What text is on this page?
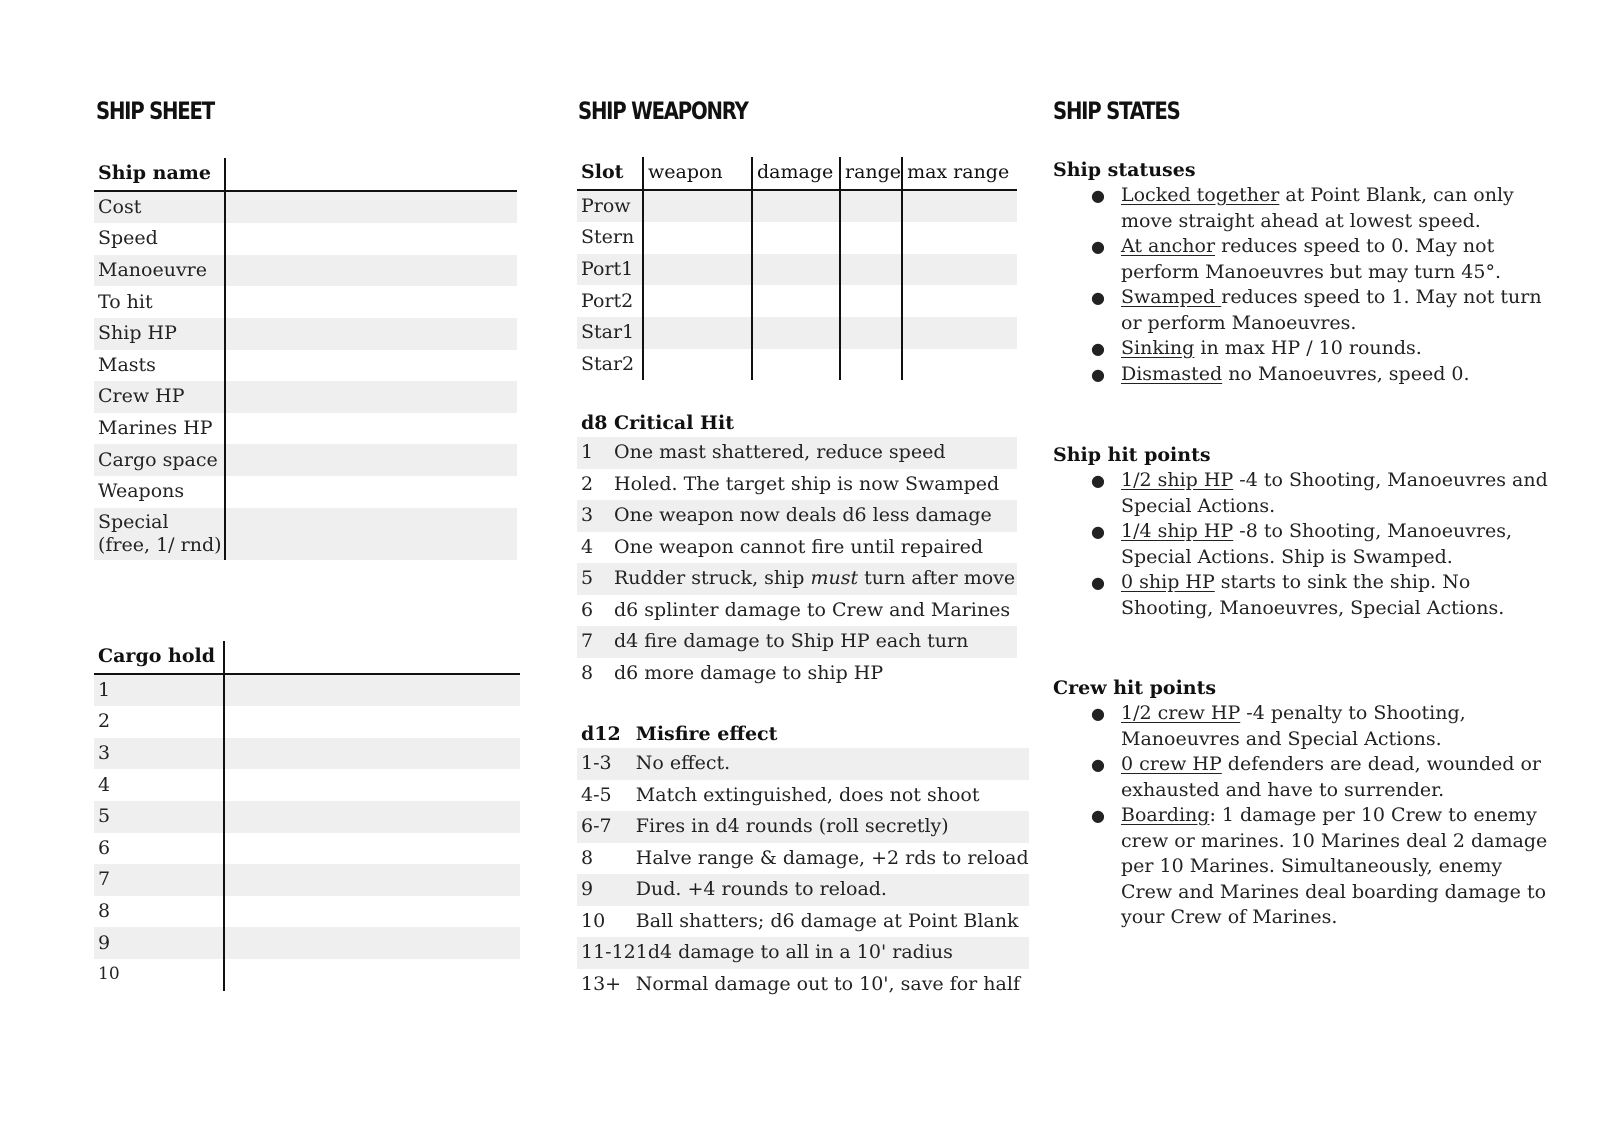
SHIP SHEET
Ship name	
Cost	
Speed	
Manoeuvre	
To hit	
Ship HP	
Masts	
Crew HP	
Marines HP	
Cargo space	
Weapons	

Special
(free, 1/ rnd)	

Cargo hold	
1	
2	
3	
4	
5	
6	
7	
8	
9	
10	
SHIP WEAPONRY
Slot	weapon	damage	range	max range
Prow				
Stern				
Port1				
Port2				
Star1				
Star2				
d8	Critical Hit
1	One mast shattered, reduce speed
2	Holed. The target ship is now Swamped
3	One weapon now deals d6 less damage
4	One weapon cannot fire until repaired
5	Rudder struck, ship must turn after move
6	d6 splinter damage to Crew and Marines
7	d4 fire damage to Ship HP each turn
8	d6 more damage to ship HP
d12	Misfire effect
1-3	No effect.
4-5	Match extinguished, does not shoot
6-7	Fires in d4 rounds (roll secretly)
8	Halve range & damage, +2 rds to reload
9	Dud. +4 rounds to reload.
10	Ball shatters; d6 damage at Point Blank
11-12	1d4 damage to all in a 10' radius
13+	Normal damage out to 10', save for half
SHIP STATES
Ship statuses
● Locked together at Point Blank, can only move straight ahead at lowest speed.
● At anchor reduces speed to 0. May not perform Manoeuvres but may turn 45°.
● Swamped reduces speed to 1. May not turn or perform Manoeuvres.
● Sinking in max HP / 10 rounds.
● Dismasted no Manoeuvres, speed 0.
Ship hit points
● 1/2 ship HP -4 to Shooting, Manoeuvres and Special Actions.
● 1/4 ship HP -8 to Shooting, Manoeuvres, Special Actions. Ship is Swamped.
● 0 ship HP starts to sink the ship. No Shooting, Manoeuvres, Special Actions.
Crew hit points
● 1/2 crew HP -4 penalty to Shooting, Manoeuvres and Special Actions.
● 0 crew HP defenders are dead, wounded or exhausted and have to surrender.
● Boarding: 1 damage per 10 Crew to enemy crew or marines. 10 Marines deal 2 damage per 10 Marines. Simultaneously, enemy Crew and Marines deal boarding damage to your Crew of Marines.
